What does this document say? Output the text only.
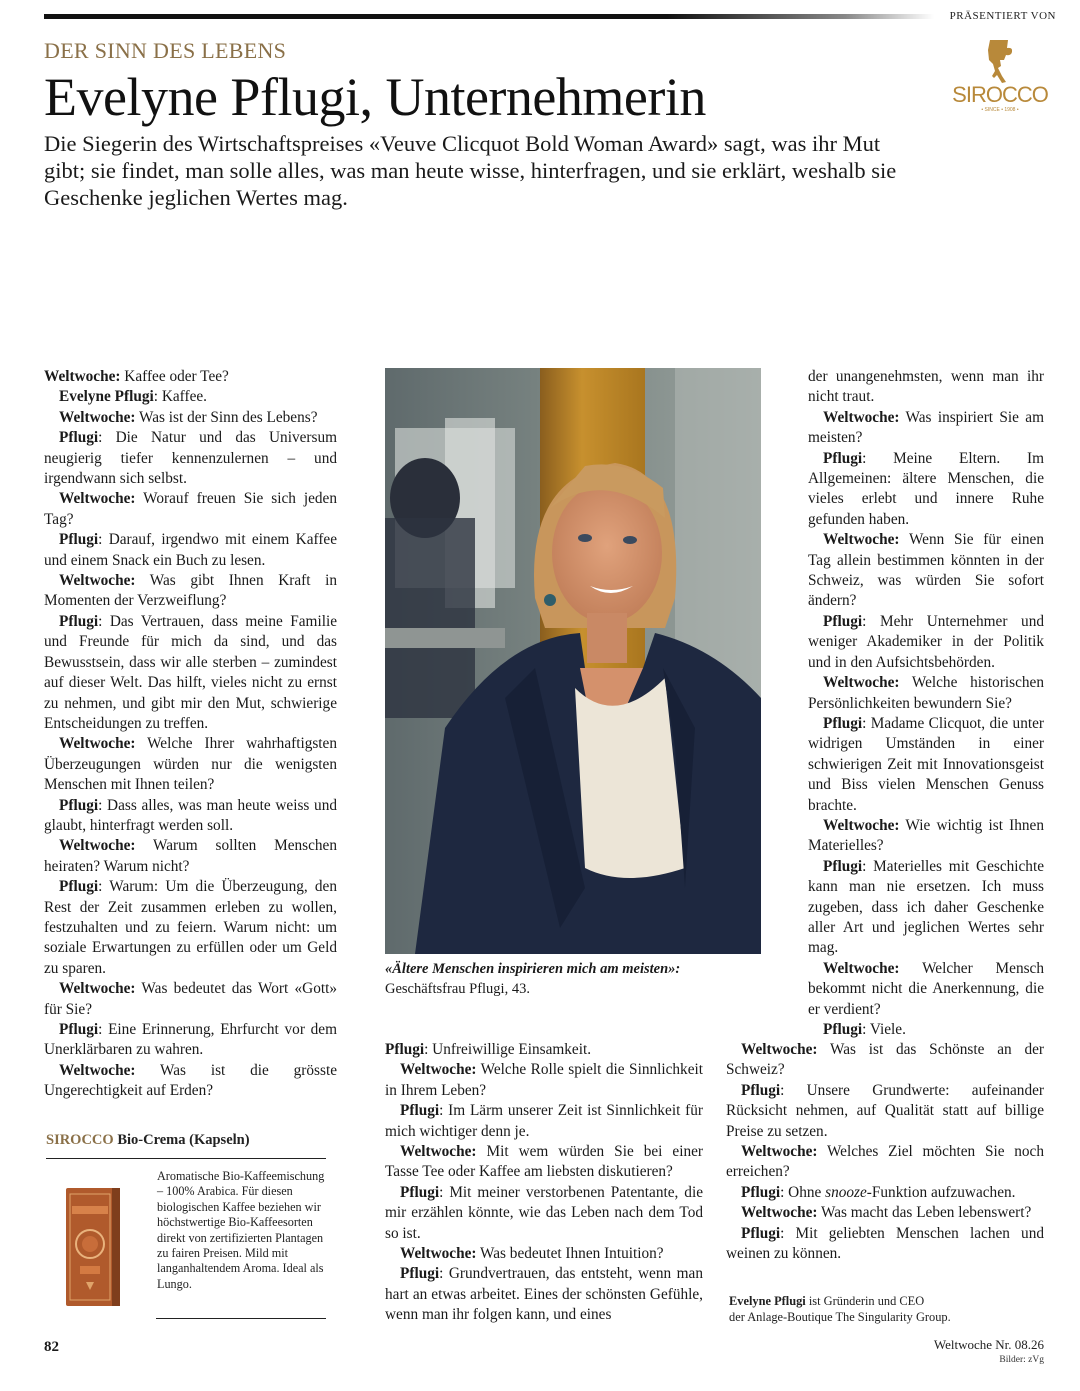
PRÄSENTIERT VON
SIROCCO
• SINCE • 1908 •
DER SINN DES LEBENS
Evelyne Pflugi, Unternehmerin
Die Siegerin des Wirtschaftspreises «Veuve Clicquot Bold Woman Award» sagt, was ihr Mut gibt; sie findet, man solle alles, was man heute wisse, hinterfragen, und sie erklärt, weshalb sie Geschenke jeglichen Wertes mag.

Weltwoche: Kaffee oder Tee?

Evelyne Pflugi: Kaffee.

Weltwoche: Was ist der Sinn des Lebens?

Pflugi: Die Natur und das Universum neugierig tiefer kennenzulernen – und irgendwann sich selbst.

Weltwoche: Worauf freuen Sie sich jeden Tag?

Pflugi: Darauf, irgendwo mit einem Kaffee und einem Snack ein Buch zu lesen.

Weltwoche: Was gibt Ihnen Kraft in Momenten der Verzweiflung?

Pflugi: Das Vertrauen, dass meine Familie und Freunde für mich da sind, und das Bewusstsein, dass wir alle sterben – zumindest auf dieser Welt. Das hilft, vieles nicht zu ernst zu nehmen, und gibt mir den Mut, schwierige Entscheidungen zu treffen.

Weltwoche: Welche Ihrer wahrhaftigsten Überzeugungen würden nur die wenigsten Menschen mit Ihnen teilen?

Pflugi: Dass alles, was man heute weiss und glaubt, hinterfragt werden soll.

Weltwoche: Warum sollten Menschen heiraten? Warum nicht?

Pflugi: Warum: Um die Überzeugung, den Rest der Zeit zusammen erleben zu wollen, festzuhalten und zu feiern. Warum nicht: um soziale Erwartungen zu erfüllen oder um Geld zu sparen.

Weltwoche: Was bedeutet das Wort «Gott» für Sie?

Pflugi: Eine Erinnerung, Ehrfurcht vor dem Unerklärbaren zu wahren.

Weltwoche: Was ist die grösste Ungerechtigkeit auf Erden?

Pflugi: Unfreiwillige Einsamkeit.

Weltwoche: Welche Rolle spielt die Sinnlichkeit in Ihrem Leben?

Pflugi: Im Lärm unserer Zeit ist Sinnlichkeit für mich wichtiger denn je.

Weltwoche: Mit wem würden Sie bei einer Tasse Tee oder Kaffee am liebsten diskutieren?

Pflugi: Mit meiner verstorbenen Patentante, die mir erzählen könnte, wie das Leben nach dem Tod so ist.

Weltwoche: Was bedeutet Ihnen Intuition?

Pflugi: Grundvertrauen, das entsteht, wenn man hart an etwas arbeitet. Eines der schönsten Gefühle, wenn man ihr folgen kann, und eines

der unangenehmsten, wenn man ihr nicht traut.

Weltwoche: Was inspiriert Sie am meisten?

Pflugi: Meine Eltern. Im Allgemeinen: ältere Menschen, die vieles erlebt und innere Ruhe gefunden haben.

Weltwoche: Wenn Sie für einen Tag allein bestimmen könnten in der Schweiz, was würden Sie sofort ändern?

Pflugi: Mehr Unternehmer und weniger Akademiker in der Politik und in den Aufsichtsbehörden.

Weltwoche: Welche historischen Persönlichkeiten bewundern Sie?

Pflugi: Madame Clicquot, die unter widrigen Umständen in einer schwierigen Zeit mit Innovationsgeist und Biss vielen Menschen Genuss brachte.

Weltwoche: Wie wichtig ist Ihnen Materielles?

Pflugi: Materielles mit Geschichte kann man nie ersetzen. Ich muss zugeben, dass ich daher Geschenke aller Art und jeglichen Wertes sehr mag.

Weltwoche: Welcher Mensch bekommt nicht die Anerkennung, die er verdient?

Pflugi: Viele.

Weltwoche: Was ist das Schönste an der Schweiz?

Pflugi: Unsere Grundwerte: aufeinander Rücksicht nehmen, auf Qualität statt auf billige Preise zu setzen.

Weltwoche: Welches Ziel möchten Sie noch erreichen?

Pflugi: Ohne snooze-Funktion aufzuwachen.

Weltwoche: Was macht das Leben lebenswert?

Pflugi: Mit geliebten Menschen lachen und weinen zu können.

«Ältere Menschen inspirieren mich am meisten»:
Geschäftsfrau Pflugi, 43.
SIROCCO Bio-Crema (Kapseln)
Aromatische Bio-Kaffeemischung – 100% Arabica. Für diesen biologischen Kaffee beziehen wir höchstwertige Bio-Kaffeesorten direkt von zertifizierten Plantagen zu fairen Preisen. Mild mit langanhaltendem Aroma. Ideal als Lungo.
Evelyne Pflugi ist Gründerin und CEO
der Anlage-Boutique The Singularity Group.
82	Weltwoche Nr. 08.26
Bilder: zVg
